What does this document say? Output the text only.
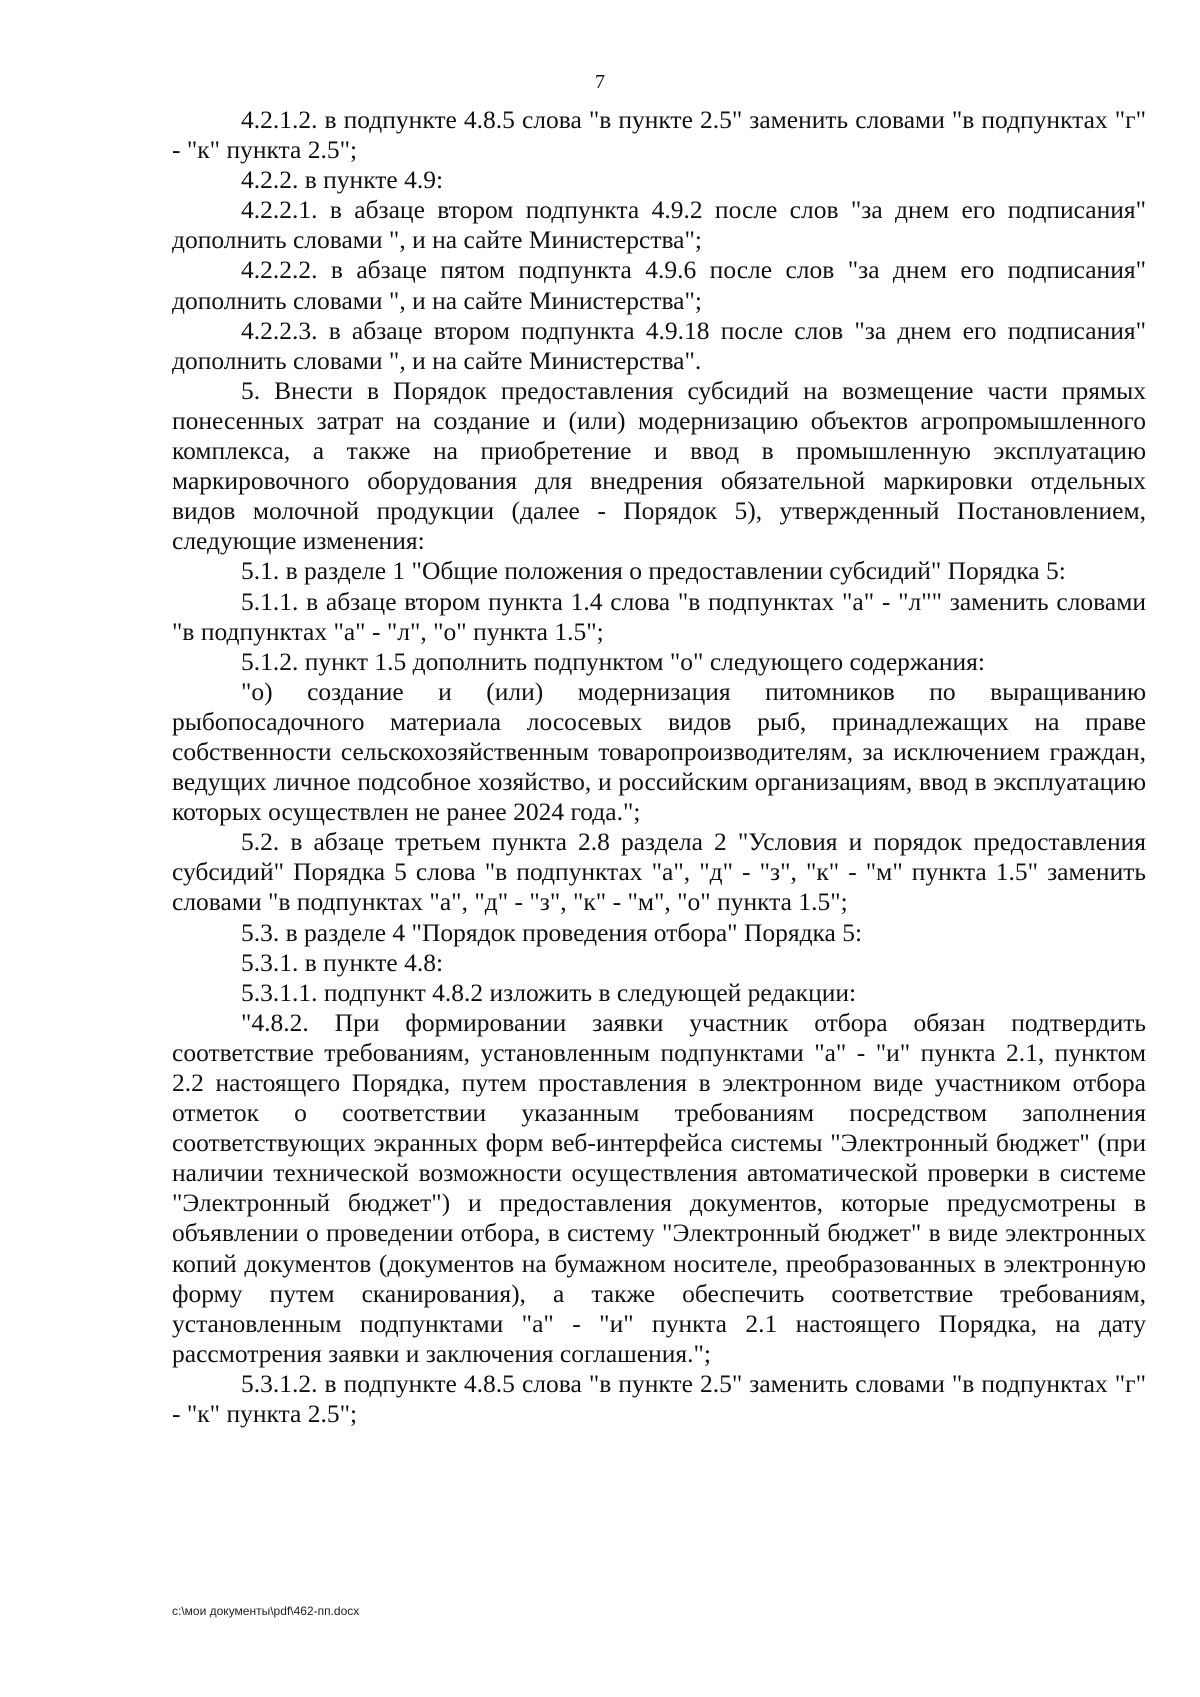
7

4.2.1.2. в подпункте 4.8.5 слова "в пункте 2.5" заменить словами "в подпунктах "г" - "к" пункта 2.5";

4.2.2. в пункте 4.9:

4.2.2.1. в абзаце втором подпункта 4.9.2 после слов "за днем его подписания" дополнить словами ", и на сайте Министерства";

4.2.2.2. в абзаце пятом подпункта 4.9.6 после слов "за днем его подписания" дополнить словами ", и на сайте Министерства";

4.2.2.3. в абзаце втором подпункта 4.9.18 после слов "за днем его подписания" дополнить словами ", и на сайте Министерства".

5. Внести в Порядок предоставления субсидий на возмещение части прямых понесенных затрат на создание и (или) модернизацию объектов агропромышленного комплекса, а также на приобретение и ввод в промышленную эксплуатацию маркировочного оборудования для внедрения обязательной маркировки отдельных видов молочной продукции (далее - Порядок 5), утвержденный Постановлением, следующие изменения:

5.1. в разделе 1 "Общие положения о предоставлении субсидий" Порядка 5:

5.1.1. в абзаце втором пункта 1.4 слова "в подпунктах "а" - "л"" заменить словами "в подпунктах "а" - "л", "о" пункта 1.5";

5.1.2. пункт 1.5 дополнить подпунктом "о" следующего содержания:

"о) создание и (или) модернизация питомников по выращиванию рыбопосадочного материала лососевых видов рыб, принадлежащих на праве собственности сельскохозяйственным товаропроизводителям, за исключением граждан, ведущих личное подсобное хозяйство, и российским организациям, ввод в эксплуатацию которых осуществлен не ранее 2024 года.";

5.2. в абзаце третьем пункта 2.8 раздела 2 "Условия и порядок предоставления субсидий" Порядка 5 слова "в подпунктах "а", "д" - "з", "к" - "м" пункта 1.5" заменить словами "в подпунктах "а", "д" - "з", "к" - "м", "о" пункта 1.5";

5.3. в разделе 4 "Порядок проведения отбора" Порядка 5:

5.3.1. в пункте 4.8:

5.3.1.1. подпункт 4.8.2 изложить в следующей редакции:

"4.8.2. При формировании заявки участник отбора обязан подтвердить соответствие требованиям, установленным подпунктами "а" - "и" пункта 2.1, пунктом 2.2 настоящего Порядка, путем проставления в электронном виде участником отбора отметок о соответствии указанным требованиям посредством заполнения соответствующих экранных форм веб-интерфейса системы "Электронный бюджет" (при наличии технической возможности осуществления автоматической проверки в системе "Электронный бюджет") и предоставления документов, которые предусмотрены в объявлении о проведении отбора, в систему "Электронный бюджет" в виде электронных копий документов (документов на бумажном носителе, преобразованных в электронную форму путем сканирования), а также обеспечить соответствие требованиям, установленным подпунктами "а" - "и" пункта 2.1 настоящего Порядка, на дату рассмотрения заявки и заключения соглашения.";

5.3.1.2. в подпункте 4.8.5 слова "в пункте 2.5" заменить словами "в подпунктах "г" - "к" пункта 2.5";

c:\мои документы\pdf\462-пп.docx
